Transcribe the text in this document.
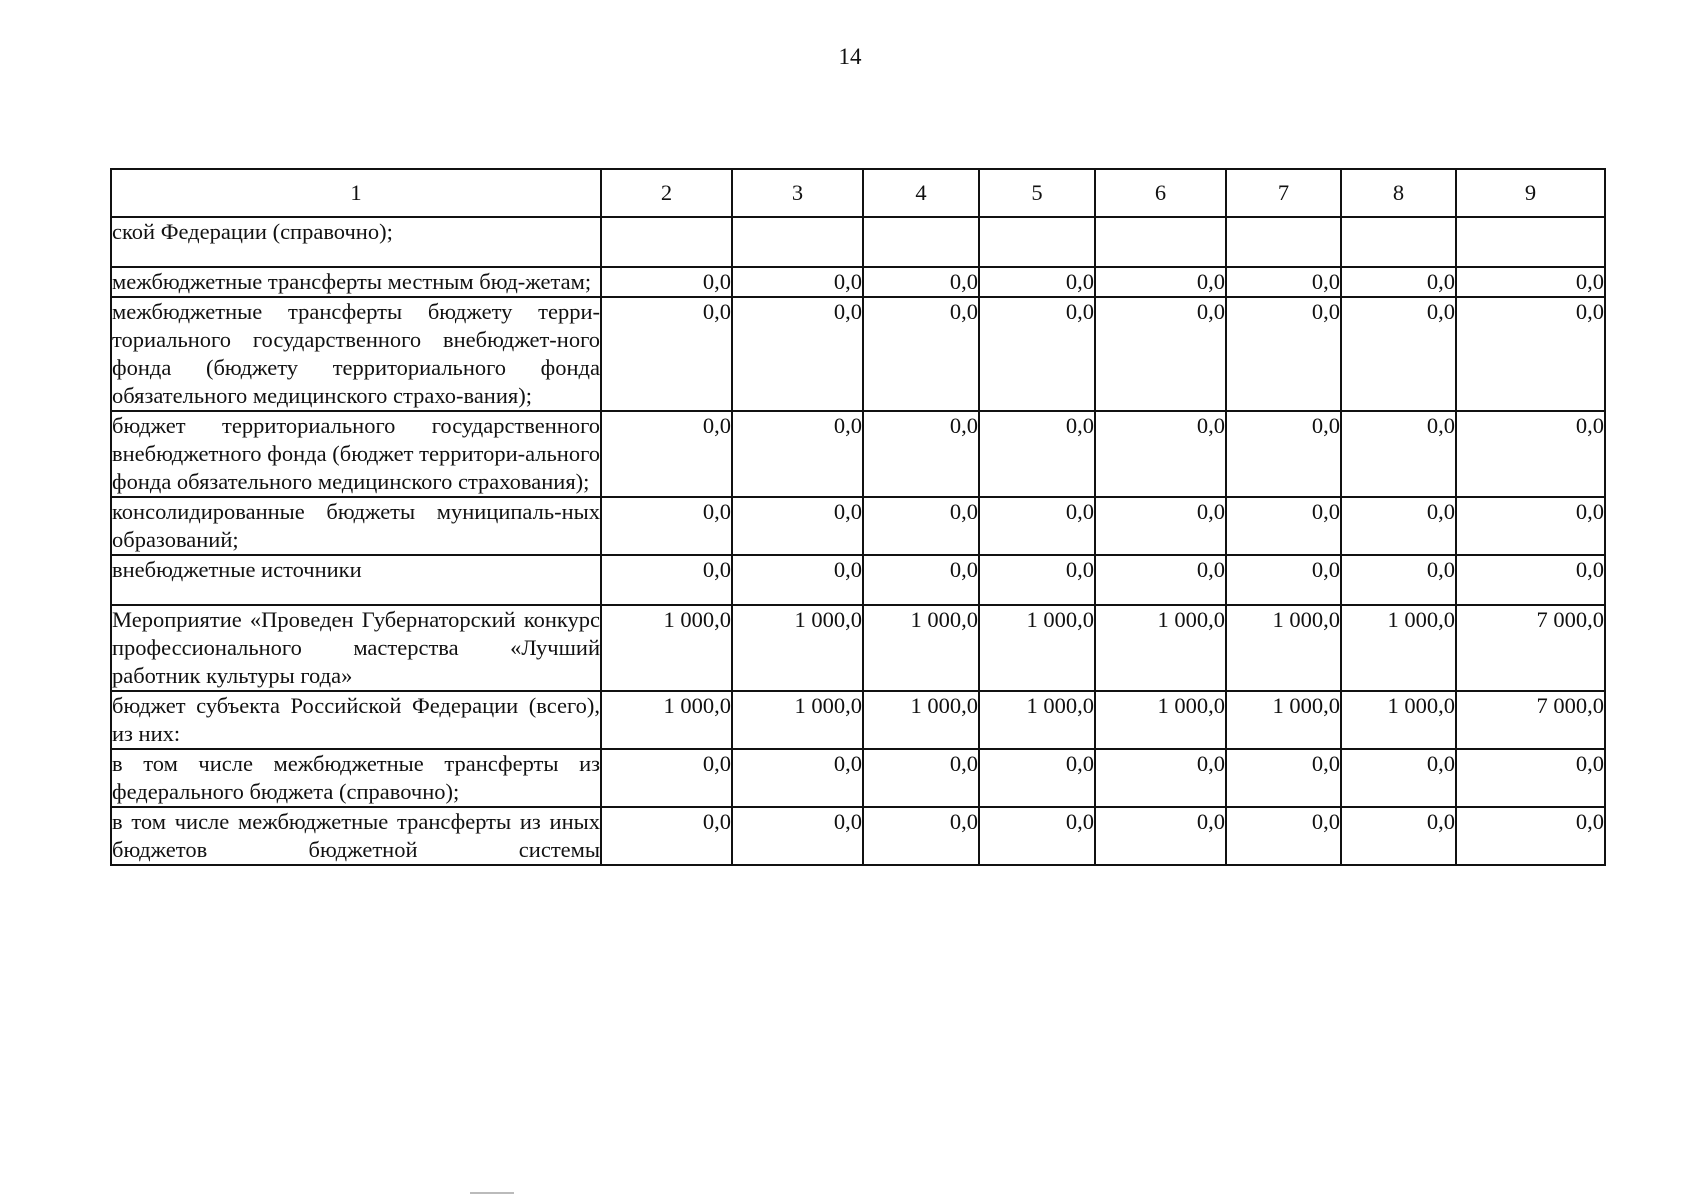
14
1	2	3	4	5	6	7	8	9
ской Федерации (справочно);								
межбюджетные трансферты местным бюд-жетам;	0,0	0,0	0,0	0,0	0,0	0,0	0,0	0,0
межбюджетные трансферты бюджету терри-ториального государственного внебюджет-ного фонда (бюджету территориального фонда обязательного медицинского страхо-вания);	0,0	0,0	0,0	0,0	0,0	0,0	0,0	0,0
бюджет территориального государственного внебюджетного фонда (бюджет территори-ального фонда обязательного медицинского страхования);	0,0	0,0	0,0	0,0	0,0	0,0	0,0	0,0
консолидированные бюджеты муниципаль-ных образований;	0,0	0,0	0,0	0,0	0,0	0,0	0,0	0,0
внебюджетные источники	0,0	0,0	0,0	0,0	0,0	0,0	0,0	0,0
Мероприятие «Проведен Губернаторский конкурс профессионального мастерства «Лучший работник культуры года»	1 000,0	1 000,0	1 000,0	1 000,0	1 000,0	1 000,0	1 000,0	7 000,0
бюджет субъекта Российской Федерации (всего), из них:	1 000,0	1 000,0	1 000,0	1 000,0	1 000,0	1 000,0	1 000,0	7 000,0
в том числе межбюджетные трансферты из федерального бюджета (справочно);	0,0	0,0	0,0	0,0	0,0	0,0	0,0	0,0
в том числе межбюджетные трансферты из иных бюджетов бюджетной системы	0,0	0,0	0,0	0,0	0,0	0,0	0,0	0,0
